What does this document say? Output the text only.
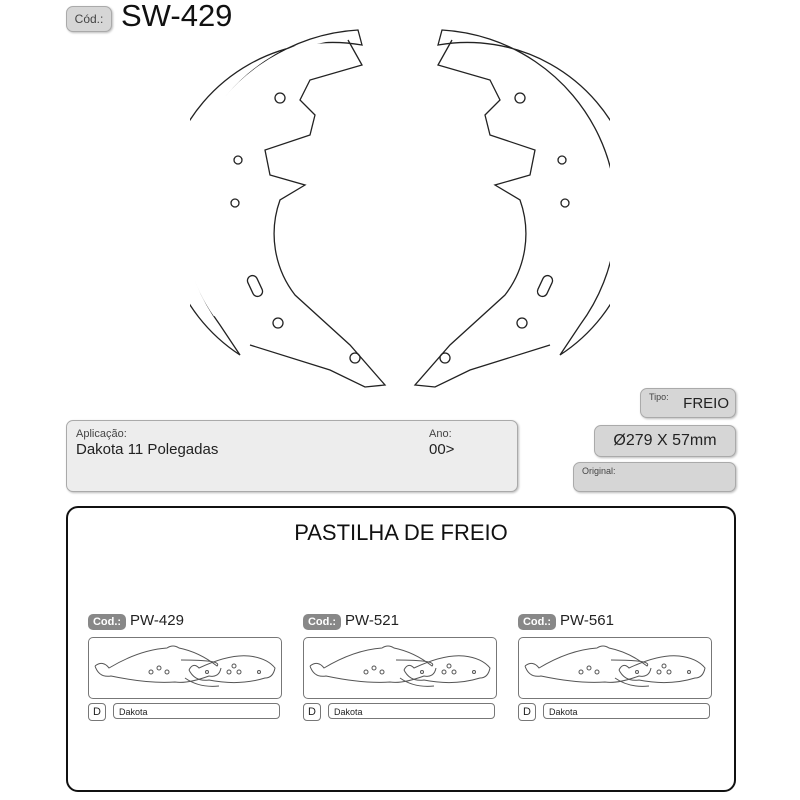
Cód.: SW-429
Tipo: FREIO
Ø279 X 57mm
Original:
Aplicação:
Dakota 11 Polegadas
Ano:
00>
PASTILHA DE FREIO
Cod.: PW-429
D	Dakota
Cod.: PW-521
D	Dakota
Cod.: PW-561
D	Dakota
